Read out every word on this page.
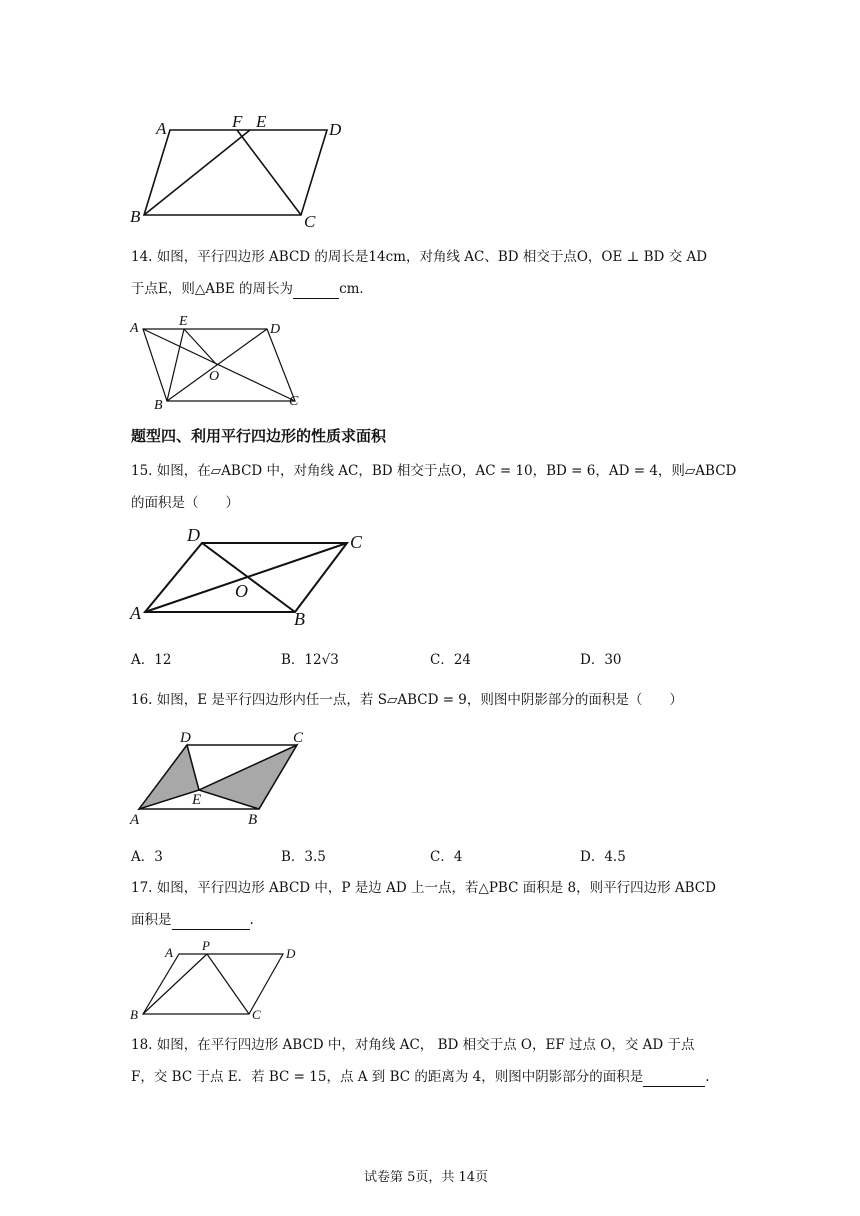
A	F E	D
B	C
14. 如图，平行四边形 ABCD 的周长是14cm，对角线 AC、BD 相交于点O，OE ⊥ BD 交 AD
于点E，则△ABE 的周长为	cm．
A	E
D
O
B	C
题型四、利用平行四边形的性质求面积
15. 如图，在▱ABCD 中，对角线 AC，BD 相交于点O，AC = 10，BD = 6，AD = 4，则▱ABCD
的面积是（　　）
D	C
O
A	B
A．12	B．12√3	C．24	D．30
16. 如图，E 是平行四边形内任一点，若 S▱ABCD = 9，则图中阴影部分的面积是（　　）
D	C
E
A	B
A．3	B．3.5	C．4	D．4.5
17. 如图，平行四边形 ABCD 中，P 是边 AD 上一点，若△PBC 面积是 8，则平行四边形 ABCD
面积是	.
A P
D
B	C
18. 如图，在平行四边形 ABCD 中，对角线 AC， BD 相交于点 O，EF 过点 O，交 AD 于点
F，交 BC 于点 E．若 BC = 15，点 A 到 BC 的距离为 4，则图中阴影部分的面积是	.
试卷第 5页，共 14页
